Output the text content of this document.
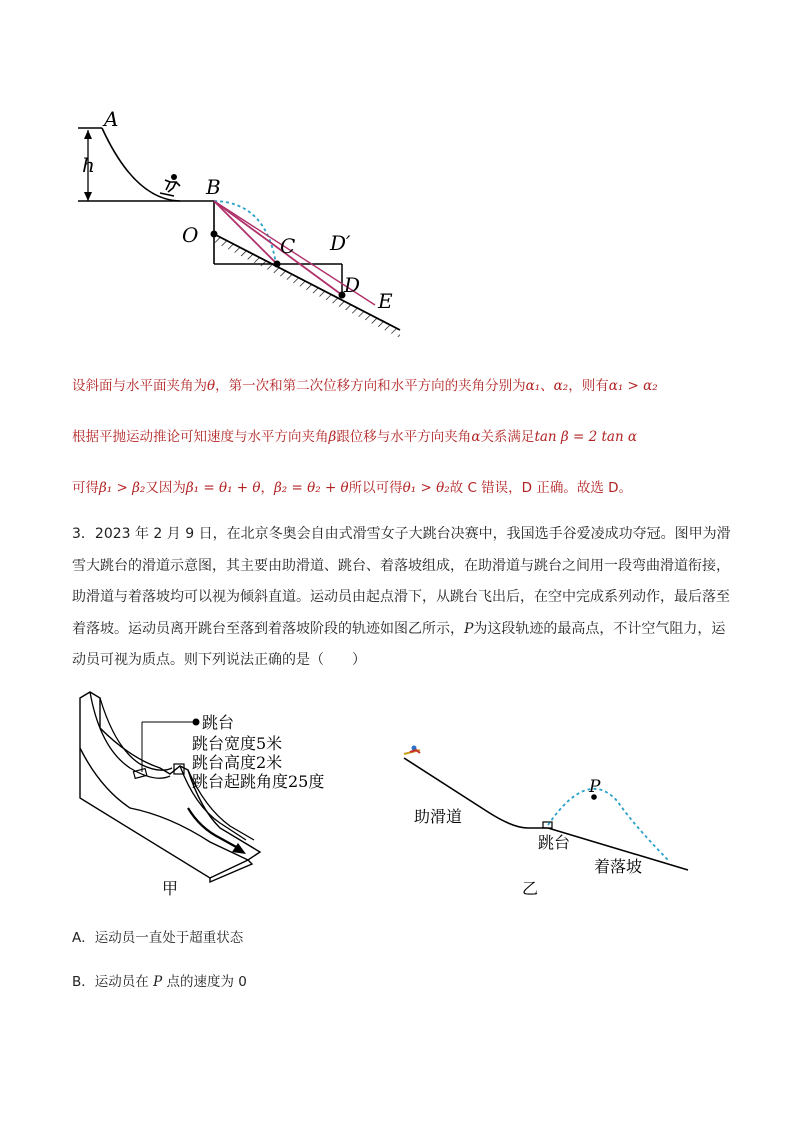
A
h
B
O	C D′
D
E
设斜面与水平面夹角为θ，第一次和第二次位移方向和水平方向的夹角分别为α₁、α₂，则有α₁ > α₂
根据平抛运动推论可知速度与水平方向夹角β跟位移与水平方向夹角α关系满足tan β = 2 tan α
可得β₁ > β₂又因为β₁ = θ₁ + θ，β₂ = θ₂ + θ所以可得θ₁ > θ₂故 C 错误，D 正确。故选 D。
3．2023 年 2 月 9 日，在北京冬奥会自由式滑雪女子大跳台决赛中，我国选手谷爱凌成功夺冠。图甲为滑雪大跳台的滑道示意图，其主要由助滑道、跳台、着落坡组成，在助滑道与跳台之间用一段弯曲滑道衔接，助滑道与着落坡均可以视为倾斜直道。运动员由起点滑下，从跳台飞出后，在空中完成系列动作，最后落至着落坡。运动员离开跳台至落到着落坡阶段的轨迹如图乙所示，P为这段轨迹的最高点，不计空气阻力，运动员可视为质点。则下列说法正确的是（　　）
跳台
跳台宽度5米
跳台高度2米
跳台起跳角度25度
甲
P
助滑道
跳台
着落坡
乙
A．运动员一直处于超重状态
B．运动员在 P 点的速度为 0
